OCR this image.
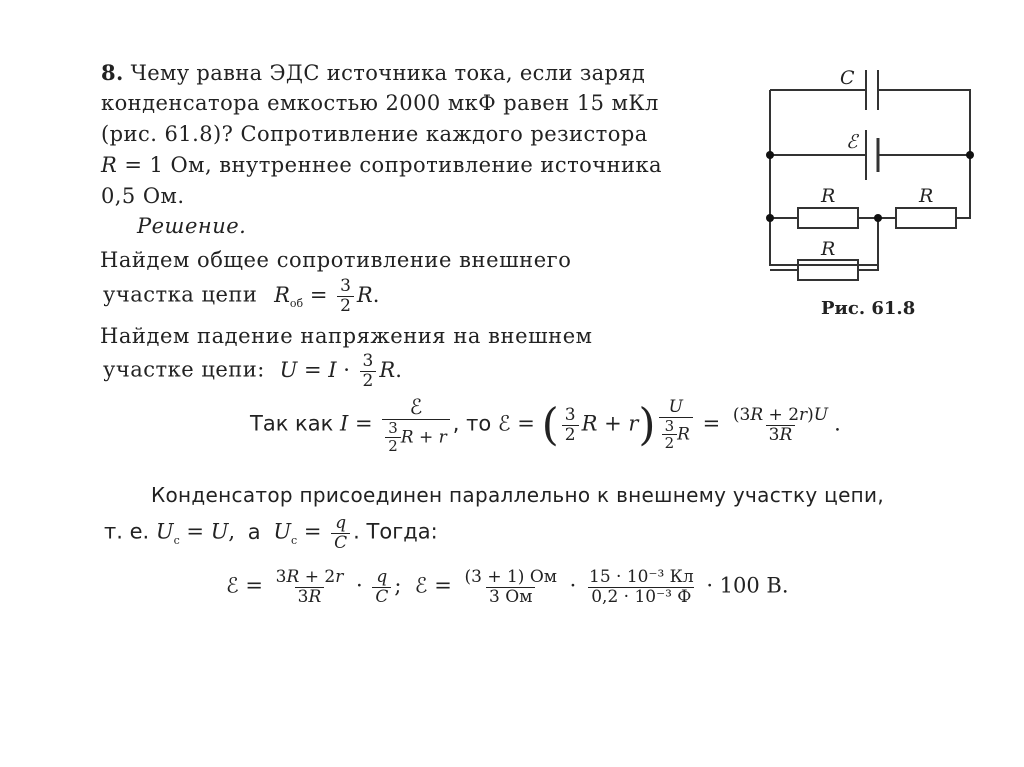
8. Чему равна ЭДС источника тока, если заряд
конденсатора емкостью 2000 мкФ равен 15 мКл
(рис. 61.8)? Сопротивление каждого резистора
R = 1 Ом, внутреннее сопротивление источника
0,5 Ом.
Решение.
Найдем общее сопротивление внешнего
участка цепи $R_{об} = \frac{3}{2} R$.
Найдем падение напряжения на внешнем
участке цепи: $U = I \cdot \frac{3}{2} R$.
Так как $I = \frac{\text{ℰ}}{\frac{3}{2} R + r}$ , то ℰ = ( $\frac{3}{2}$ $R + r) \frac{U}{\frac{3}{2} R} = \frac{(3R + 2r)U}{3R}$ .
Конденсатор присоединен параллельно к внешнему участку цепи,
т. е. $U_c = U$, а $U_c = \frac{q}{C}$ . Тогда:
ℰ = $\frac{3R + 2r}{3R} \cdot \frac{q}{C}$ ;  ℰ = $\frac{(3 + 1) Ом}{3 Ом} \cdot \frac{\text{15 · 10⁻³ Кл}}{\text{0,2 · 10⁻³ Ф}} \cdot 100$ В.
C
ℰ
R	R
R
Рис. 61.8
